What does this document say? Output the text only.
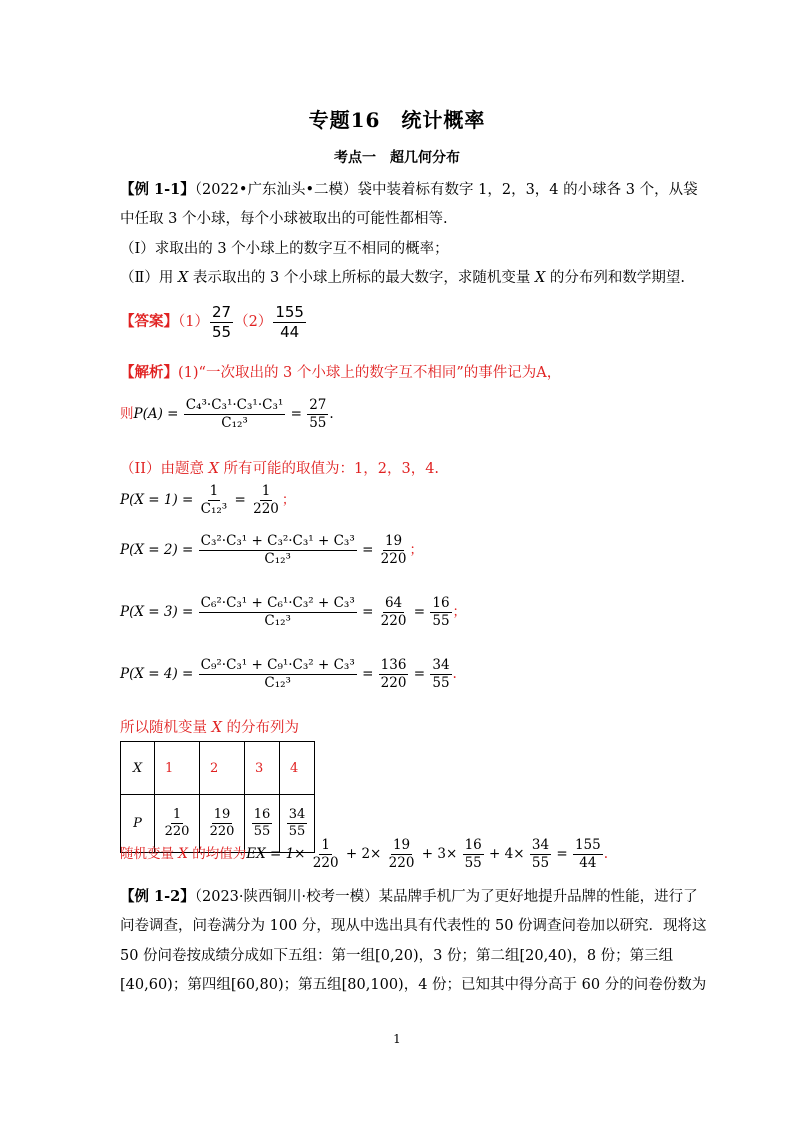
专题16　统计概率
考点一　超几何分布
【例 1-1】（2022•广东汕头•二模）袋中装着标有数字 1，2，3，4 的小球各 3 个，从袋
中任取 3 个小球，每个小球被取出的可能性都相等.
（Ⅰ）求取出的 3 个小球上的数字互不相同的概率；
（Ⅱ）用 X 表示取出的 3 个小球上所标的最大数字，求随机变量 X 的分布列和数学期望.
【答案】$(1) \frac{27}{55} (2) \frac{155}{44}$
【解析】(1)“一次取出的 3 个小球上的数字互不相同”的事件记为A，
则$P(A) = \frac{\text{C₄³·C₃¹·C₃¹·C₃¹}}{\text{C₁₂³}} = \frac{27}{55}$ .
（II）由题意 X 所有可能的取值为：1，2，3，4.
$P(X = 1) = \frac{1}{\text{C₁₂³}} = \frac{1}{220}$ ；
$P(X = 2) = \frac{\text{C₃²·C₃¹ + C₃²·C₃¹ + C₃³}}{\text{C₁₂³}} = \frac{19}{220}$ ；
$P(X = 3) = \frac{\text{C₆²·C₃¹ + C₆¹·C₃² + C₃³}}{\text{C₁₂³}} = \frac{64}{220} = \frac{16}{55}$ ；
$P(X = 4) = \frac{\text{C₉²·C₃¹ + C₉¹·C₃² + C₃³}}{\text{C₁₂³}} = \frac{136}{220} = \frac{34}{55}$ .
所以随机变量 X 的分布列为
X	1	2	3	4
P	$\frac{1}{220}$	$\frac{19}{220}$	$\frac{16}{55}$	$\frac{34}{55}$
随机变量 X 的均值为EX = $1\times \frac{1}{220} + 2\times \frac{19}{220} + 3\times \frac{16}{55} + 4\times \frac{34}{55} = \frac{155}{44}$ .
【例 1-2】（2023·陕西铜川·校考一模）某品牌手机厂为了更好地提升品牌的性能，进行了
问卷调查，问卷满分为 100 分，现从中选出具有代表性的 50 份调查问卷加以研究．现将这
50 份问卷按成绩分成如下五组：第一组[0,20)，3 份；第二组[20,40)，8 份；第三组
[40,60)；第四组[60,80)；第五组[80,100)，4 份；已知其中得分高于 60 分的问卷份数为
1
